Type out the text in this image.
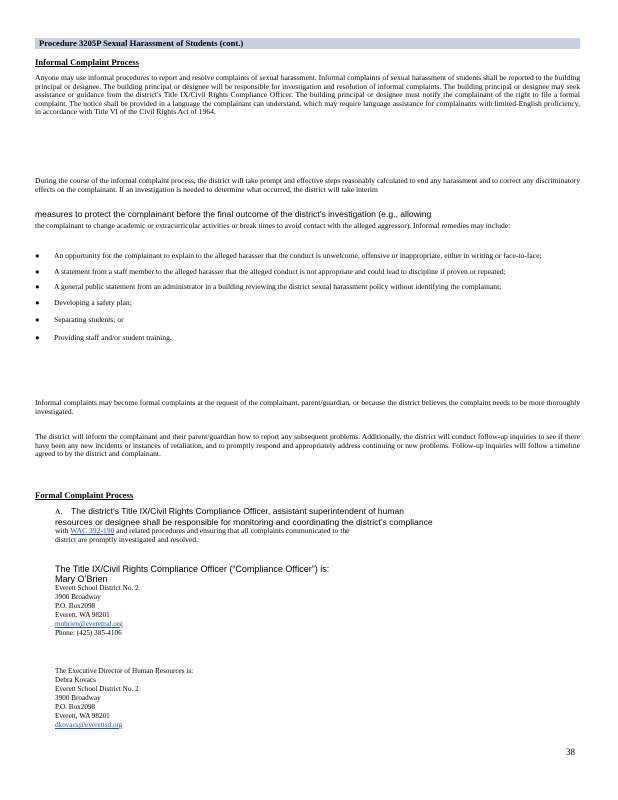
Procedure 3205P Sexual Harassment of Students (cont.)
Informal Complaint Process
Anyone may use informal procedures to report and resolve complaints of sexual harassment. Informal complaints of sexual harassment of students shall be reported to the building principal or designee. The building principal or designee will be responsible for investigation and resolution of informal complaints. The building principal or designee may seek assistance or guidance from the district's Title IX/Civil Rights Compliance Officer. The building principal or designee must notify the complainant of the right to file a formal complaint. The notice shall be provided in a language the complainant can understand, which may require language assistance for complainants with limited-English proficiency, in accordance with Title VI of the Civil Rights Act of 1964.
During the course of the informal complaint process, the district will take prompt and effective steps reasonably calculated to end any harassment and to correct any discriminatory effects on the complainant. If an investigation is needed to determine what occurred, the district will take interim
measures to protect the complainant before the final outcome of the district’s investigation (e.g., allowing
the complainant to change academic or extracurricular activities or break times to avoid contact with the alleged aggressor). Informal remedies may include:
● An opportunity for the complainant to explain to the alleged harasser that the conduct is unwelcome, offensive or inappropriate, either in writing or face-to-face;
● A statement from a staff member to the alleged harasser that the alleged conduct is not appropriate and could lead to discipline if proven or repeated;
● A general public statement from an administrator in a building reviewing the district sexual harassment policy without identifying the complainant;
● Developing a safety plan;
● Separating students; or
● Providing staff and/or student training.
Informal complaints may become formal complaints at the request of the complainant, parent/guardian, or because the district believes the complaint needs to be more thoroughly investigated.
The district will inform the complainant and their parent/guardian how to report any subsequent problems. Additionally, the district will conduct follow-up inquiries to see if there have been any new incidents or instances of retaliation, and to promptly respond and appropriately address continuing or new problems. Follow-up inquiries will follow a timeline agreed to by the district and complainant.
Formal Complaint Process
A. The district’s Title IX/Civil Rights Compliance Officer, assistant superintendent of human
resources or designee shall be responsible for monitoring and coordinating the district’s compliance
with WAC 392-190 and related procedures and ensuring that all complaints communicated to the
district are promptly investigated and resolved.
The Title IX/Civil Rights Compliance Officer (“Compliance Officer”) is:
Mary O’Brien
Everett School District No. 2
3900 Broadway
P.O. Box2098
Everett, WA 98201
mobrien@everettsd.org
Phone: (425) 385-4106
The Executive Director of Human Resources is:
Debra Kovacs
Everett School District No. 2
3900 Broadway
P.O. Box2098
Everett, WA 98201
dkovacs@everettsd.org
38
